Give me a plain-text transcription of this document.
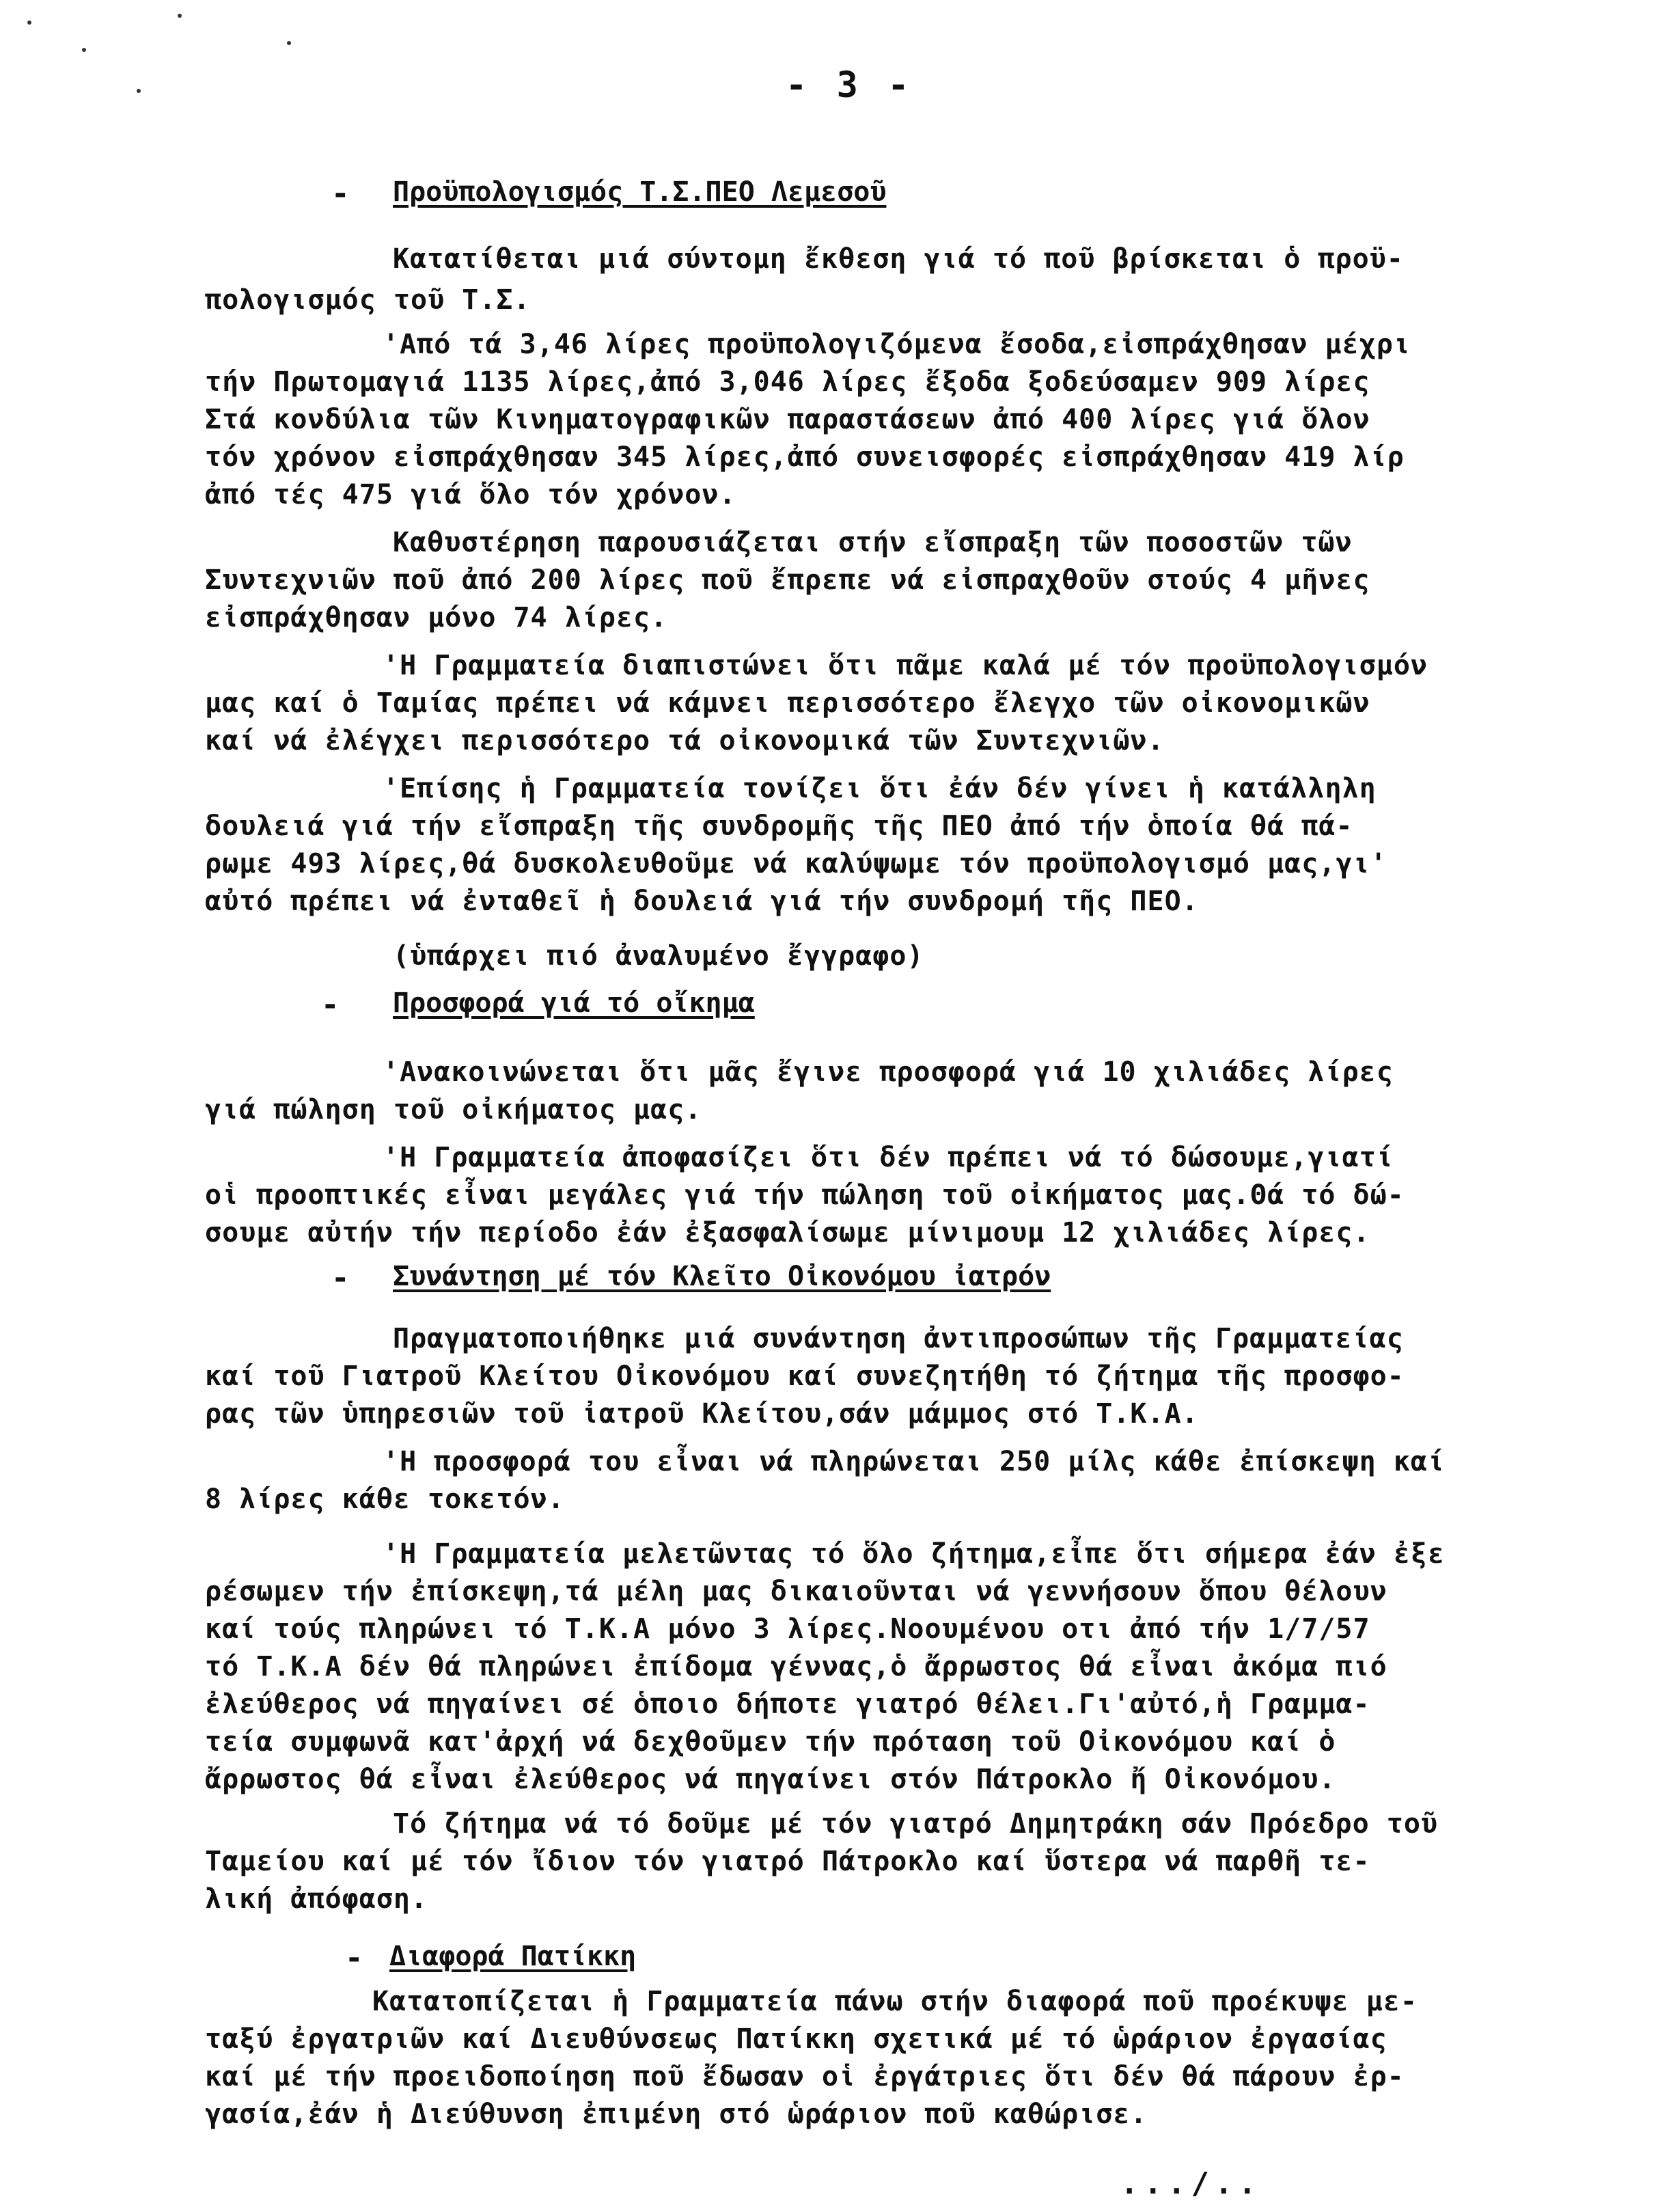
- 3 -
- Προϋπολογισμός Τ.Σ.ΠΕΟ Λεμεσοῦ
Κατατίθεται μιά σύντομη ἔκθεση γιά τό ποῦ βρίσκεται ὁ προϋ-
πολογισμός τοῦ Τ.Σ.
'Από τά 3,46 λίρες προϋπολογιζόμενα ἔσοδα,εἰσπράχθησαν μέχρι
τήν Πρωτομαγιά 1135 λίρες,ἀπό 3,046 λίρες ἔξοδα ξοδεύσαμεν 909 λίρες
Στά κονδύλια τῶν Κινηματογραφικῶν παραστάσεων ἀπό 400 λίρες γιά ὅλον
τόν χρόνον εἰσπράχθησαν 345 λίρες,ἀπό συνεισφορές εἰσπράχθησαν 419 λίρ
ἀπό τές 475 γιά ὅλο τόν χρόνον.
Καθυστέρηση παρουσιάζεται στήν εἴσπραξη τῶν ποσοστῶν τῶν
Συντεχνιῶν ποῦ ἀπό 200 λίρες ποῦ ἔπρεπε νά εἰσπραχθοῦν στούς 4 μῆνες
εἰσπράχθησαν μόνο 74 λίρες.
'Η Γραμματεία διαπιστώνει ὅτι πᾶμε καλά μέ τόν προϋπολογισμόν
μας καί ὁ Ταμίας πρέπει νά κάμνει περισσότερο ἔλεγχο τῶν οἰκονομικῶν
καί νά ἐλέγχει περισσότερο τά οἰκονομικά τῶν Συντεχνιῶν.
'Επίσης ἡ Γραμματεία τονίζει ὅτι ἐάν δέν γίνει ἡ κατάλληλη
δουλειά γιά τήν εἴσπραξη τῆς συνδρομῆς τῆς ΠΕΟ ἀπό τήν ὁποία θά πά-
ρωμε 493 λίρες,θά δυσκολευθοῦμε νά καλύψωμε τόν προϋπολογισμό μας,γι'
αὐτό πρέπει νά ἐνταθεῖ ἡ δουλειά γιά τήν συνδρομή τῆς ΠΕΟ.
(ὑπάρχει πιό ἀναλυμένο ἔγγραφο)
- Προσφορά γιά τό οἴκημα
'Ανακοινώνεται ὅτι μᾶς ἔγινε προσφορά γιά 10 χιλιάδες λίρες
γιά πώληση τοῦ οἰκήματος μας.
'Η Γραμματεία ἀποφασίζει ὅτι δέν πρέπει νά τό δώσουμε,γιατί
οἱ προοπτικές εἶναι μεγάλες γιά τήν πώληση τοῦ οἰκήματος μας.Θά τό δώ-
σουμε αὐτήν τήν περίοδο ἐάν ἐξασφαλίσωμε μίνιμουμ 12 χιλιάδες λίρες.
- Συνάντηση μέ τόν Κλεῖτο Οἰκονόμου ἰατρόν
Πραγματοποιήθηκε μιά συνάντηση ἀντιπροσώπων τῆς Γραμματείας
καί τοῦ Γιατροῦ Κλείτου Οἰκονόμου καί συνεζητήθη τό ζήτημα τῆς προσφο-
ρας τῶν ὑπηρεσιῶν τοῦ ἰατροῦ Κλείτου,σάν μάμμος στό Τ.Κ.Α.
'Η προσφορά του εἶναι νά πληρώνεται 250 μίλς κάθε ἐπίσκεψη καί
8 λίρες κάθε τοκετόν.
'Η Γραμματεία μελετῶντας τό ὅλο ζήτημα,εἶπε ὅτι σήμερα ἐάν ἐξε
ρέσωμεν τήν ἐπίσκεψη,τά μέλη μας δικαιοῦνται νά γεννήσουν ὅπου θέλουν
καί τούς πληρώνει τό Τ.Κ.Α μόνο 3 λίρες.Νοουμένου οτι ἀπό τήν 1/7/57
τό Τ.Κ.Α δέν θά πληρώνει ἐπίδομα γέννας,ὁ ἄρρωστος θά εἶναι ἀκόμα πιό
ἐλεύθερος νά πηγαίνει σέ ὁποιο δήποτε γιατρό θέλει.Γι'αὐτό,ἡ Γραμμα-
τεία συμφωνᾶ κατ'ἀρχή νά δεχθοῦμεν τήν πρόταση τοῦ Οἰκονόμου καί ὁ
ἄρρωστος θά εἶναι ἐλεύθερος νά πηγαίνει στόν Πάτροκλο ἤ Οἰκονόμου.
Τό ζήτημα νά τό δοῦμε μέ τόν γιατρό Δημητράκη σάν Πρόεδρο τοῦ
Ταμείου καί μέ τόν ἴδιον τόν γιατρό Πάτροκλο καί ὕστερα νά παρθῆ τε-
λική ἀπόφαση.
- Διαφορά Πατίκκη
Κατατοπίζεται ἡ Γραμματεία πάνω στήν διαφορά ποῦ προέκυψε με-
ταξύ ἐργατριῶν καί Διευθύνσεως Πατίκκη σχετικά μέ τό ὡράριον ἐργασίας
καί μέ τήν προειδοποίηση ποῦ ἔδωσαν οἱ ἐργάτριες ὅτι δέν θά πάρουν ἐρ-
γασία,ἐάν ἡ Διεύθυνση ἐπιμένη στό ὡράριον ποῦ καθώρισε.
.../..
